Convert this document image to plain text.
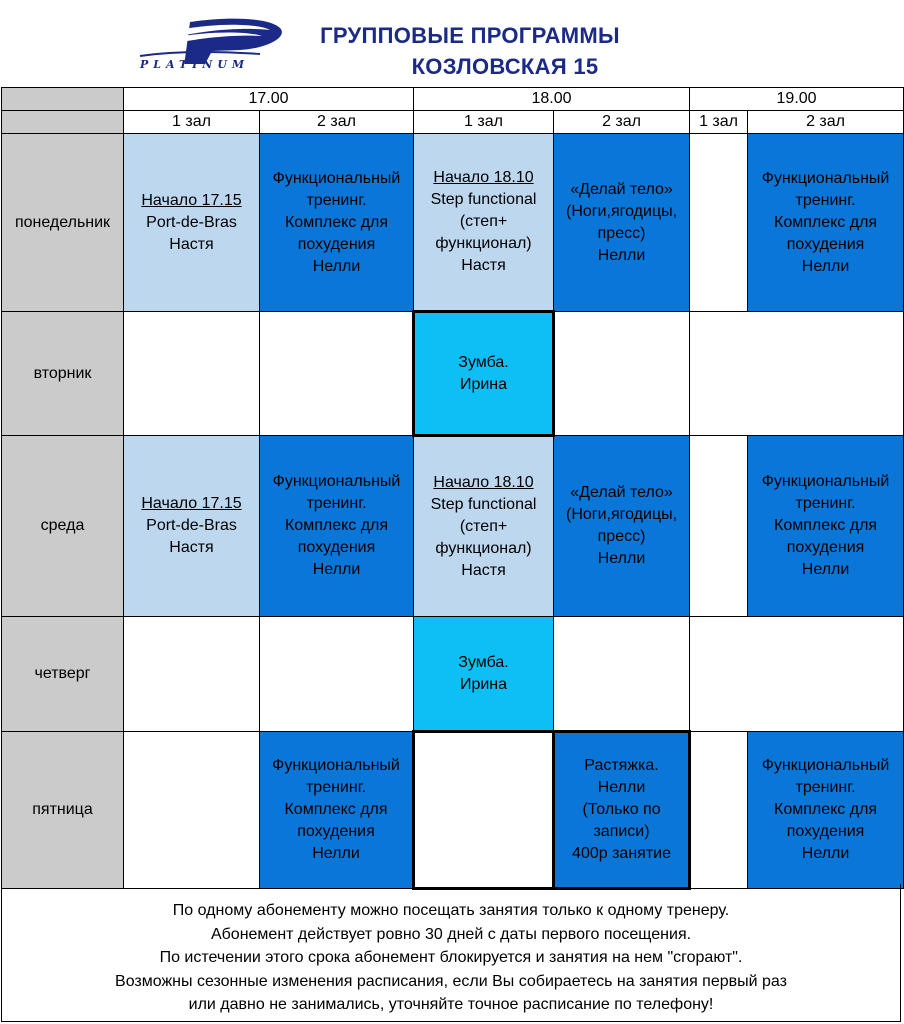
PLATINUM
ГРУППОВЫЕ ПРОГРАММЫ
КОЗЛОВСКАЯ 15
	17.00		18.00		19.00	
	1 зал	2 зал	1 зал	2 зал	1 зал	2 зал
понедельник	Начало 17.15
Port-de-Bras
Настя	Функциональный
тренинг.
Комплекс для
похудения
Нелли	Начало 18.10
Step functional
(степ+
функционал)
Настя	«Делай тело»
(Ноги,ягодицы,
пресс)
Нелли		Функциональный
тренинг.
Комплекс для
похудения
Нелли

вторник			Зумба.
Ирина			

среда	Начало 17.15
Port-de-Bras
Настя	Функциональный
тренинг.
Комплекс для
похудения
Нелли	Начало 18.10
Step functional
(степ+
функционал)
Настя	«Делай тело»
(Ноги,ягодицы,
пресс)
Нелли		Функциональный
тренинг.
Комплекс для
похудения
Нелли

четверг			Зумба.
Ирина			

пятница		Функциональный
тренинг.
Комплекс для
похудения
Нелли		Растяжка.
Нелли
(Только по
записи)
400р занятие		Функциональный
тренинг.
Комплекс для
похудения
Нелли
По одному абонементу можно посещать занятия только к одному тренеру.
Абонемент действует ровно 30 дней с даты первого посещения.
По истечении этого срока абонемент блокируется и занятия на нем "сгорают".
Возможны сезонные изменения расписания, если Вы собираетесь на занятия первый раз
или давно не занимались, уточняйте точное расписание по телефону!
